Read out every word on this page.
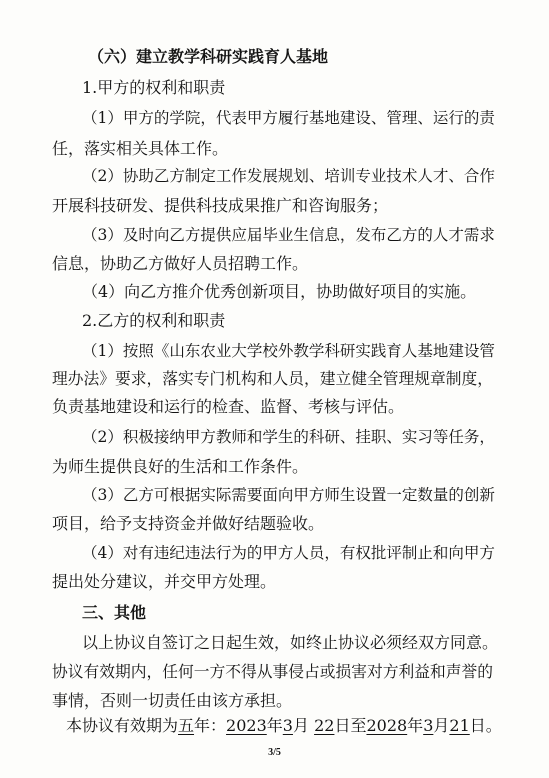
（六）建立教学科研实践育人基地
1.甲方的权利和职责
（1）甲方的学院，代表甲方履行基地建设、管理、运行的责
任，落实相关具体工作。
（2）协助乙方制定工作发展规划、培训专业技术人才、合作
开展科技研发、提供科技成果推广和咨询服务；
（3）及时向乙方提供应届毕业生信息，发布乙方的人才需求
信息，协助乙方做好人员招聘工作。
（4）向乙方推介优秀创新项目，协助做好项目的实施。
2.乙方的权利和职责
（1）按照《山东农业大学校外教学科研实践育人基地建设管
理办法》要求，落实专门机构和人员，建立健全管理规章制度，
负责基地建设和运行的检查、监督、考核与评估。
（2）积极接纳甲方教师和学生的科研、挂职、实习等任务，
为师生提供良好的生活和工作条件。
（3）乙方可根据实际需要面向甲方师生设置一定数量的创新
项目，给予支持资金并做好结题验收。
（4）对有违纪违法行为的甲方人员，有权批评制止和向甲方
提出处分建议，并交甲方处理。
三、其他
以上协议自签订之日起生效，如终止协议必须经双方同意。
协议有效期内，任何一方不得从事侵占或损害对方利益和声誉的
事情，否则一切责任由该方承担。
本协议有效期为五年：2023年3月 22日至2028年3月21日。
3/5
